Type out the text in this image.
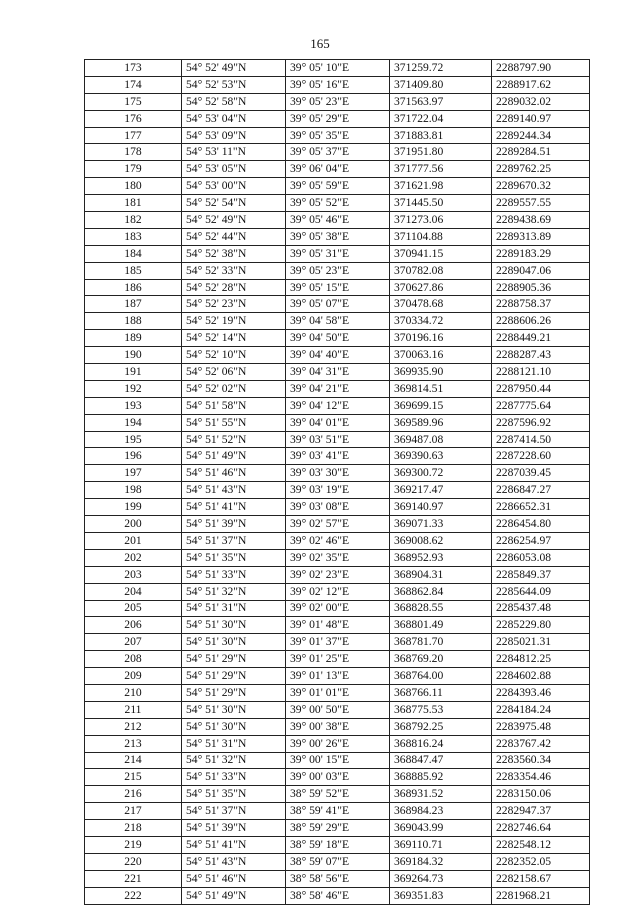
165
173	54° 52' 49"N	39° 05' 10"E	371259.72	2288797.90
174	54° 52' 53"N	39° 05' 16"E	371409.80	2288917.62
175	54° 52' 58"N	39° 05' 23"E	371563.97	2289032.02
176	54° 53' 04"N	39° 05' 29"E	371722.04	2289140.97
177	54° 53' 09"N	39° 05' 35"E	371883.81	2289244.34
178	54° 53' 11"N	39° 05' 37"E	371951.80	2289284.51
179	54° 53' 05"N	39° 06' 04"E	371777.56	2289762.25
180	54° 53' 00"N	39° 05' 59"E	371621.98	2289670.32
181	54° 52' 54"N	39° 05' 52"E	371445.50	2289557.55
182	54° 52' 49"N	39° 05' 46"E	371273.06	2289438.69
183	54° 52' 44"N	39° 05' 38"E	371104.88	2289313.89
184	54° 52' 38"N	39° 05' 31"E	370941.15	2289183.29
185	54° 52' 33"N	39° 05' 23"E	370782.08	2289047.06
186	54° 52' 28"N	39° 05' 15"E	370627.86	2288905.36
187	54° 52' 23"N	39° 05' 07"E	370478.68	2288758.37
188	54° 52' 19"N	39° 04' 58"E	370334.72	2288606.26
189	54° 52' 14"N	39° 04' 50"E	370196.16	2288449.21
190	54° 52' 10"N	39° 04' 40"E	370063.16	2288287.43
191	54° 52' 06"N	39° 04' 31"E	369935.90	2288121.10
192	54° 52' 02"N	39° 04' 21"E	369814.51	2287950.44
193	54° 51' 58"N	39° 04' 12"E	369699.15	2287775.64
194	54° 51' 55"N	39° 04' 01"E	369589.96	2287596.92
195	54° 51' 52"N	39° 03' 51"E	369487.08	2287414.50
196	54° 51' 49"N	39° 03' 41"E	369390.63	2287228.60
197	54° 51' 46"N	39° 03' 30"E	369300.72	2287039.45
198	54° 51' 43"N	39° 03' 19"E	369217.47	2286847.27
199	54° 51' 41"N	39° 03' 08"E	369140.97	2286652.31
200	54° 51' 39"N	39° 02' 57"E	369071.33	2286454.80
201	54° 51' 37"N	39° 02' 46"E	369008.62	2286254.97
202	54° 51' 35"N	39° 02' 35"E	368952.93	2286053.08
203	54° 51' 33"N	39° 02' 23"E	368904.31	2285849.37
204	54° 51' 32"N	39° 02' 12"E	368862.84	2285644.09
205	54° 51' 31"N	39° 02' 00"E	368828.55	2285437.48
206	54° 51' 30"N	39° 01' 48"E	368801.49	2285229.80
207	54° 51' 30"N	39° 01' 37"E	368781.70	2285021.31
208	54° 51' 29"N	39° 01' 25"E	368769.20	2284812.25
209	54° 51' 29"N	39° 01' 13"E	368764.00	2284602.88
210	54° 51' 29"N	39° 01' 01"E	368766.11	2284393.46
211	54° 51' 30"N	39° 00' 50"E	368775.53	2284184.24
212	54° 51' 30"N	39° 00' 38"E	368792.25	2283975.48
213	54° 51' 31"N	39° 00' 26"E	368816.24	2283767.42
214	54° 51' 32"N	39° 00' 15"E	368847.47	2283560.34
215	54° 51' 33"N	39° 00' 03"E	368885.92	2283354.46
216	54° 51' 35"N	38° 59' 52"E	368931.52	2283150.06
217	54° 51' 37"N	38° 59' 41"E	368984.23	2282947.37
218	54° 51' 39"N	38° 59' 29"E	369043.99	2282746.64
219	54° 51' 41"N	38° 59' 18"E	369110.71	2282548.12
220	54° 51' 43"N	38° 59' 07"E	369184.32	2282352.05
221	54° 51' 46"N	38° 58' 56"E	369264.73	2282158.67
222	54° 51' 49"N	38° 58' 46"E	369351.83	2281968.21
